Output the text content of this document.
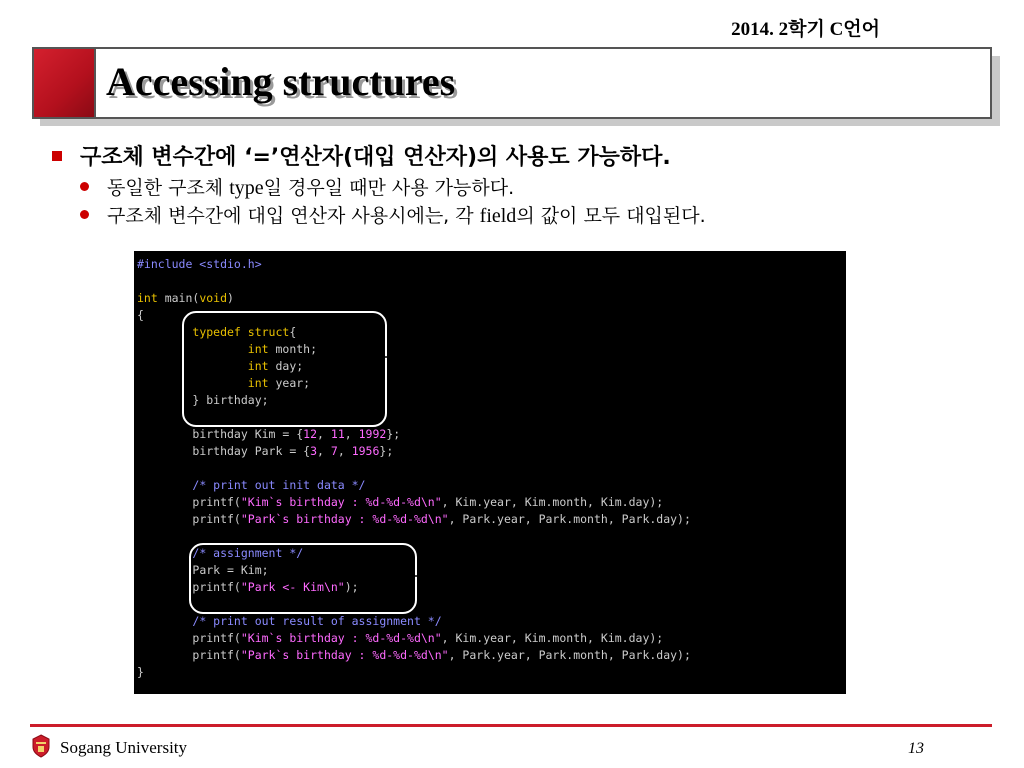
2014. 2학기 C언어
Accessing structures
구조체 변수간에 ‘=’연산자(대입 연산자)의 사용도 가능하다.
동일한 구조체 type일 경우일 때만 사용 가능하다.
구조체 변수간에 대입 연산자 사용시에는, 각 field의 값이 모두 대입된다.
#include <stdio.h>

int main(void)
{
typedef struct{
int month;
int day;
int year;
} birthday;

birthday Kim = {12, 11, 1992};
birthday Park = {3, 7, 1956};

/* print out init data */
printf("Kim`s birthday : %d-%d-%d\n", Kim.year, Kim.month, Kim.day);
printf("Park`s birthday : %d-%d-%d\n", Park.year, Park.month, Park.day);

/* assignment */
Park = Kim;
printf("Park <- Kim\n");

/* print out result of assignment */
printf("Kim`s birthday : %d-%d-%d\n", Kim.year, Kim.month, Kim.day);
printf("Park`s birthday : %d-%d-%d\n", Park.year, Park.month, Park.day);
}
구조체 정의
구조체 변수간에 assign
Sogang University	13
